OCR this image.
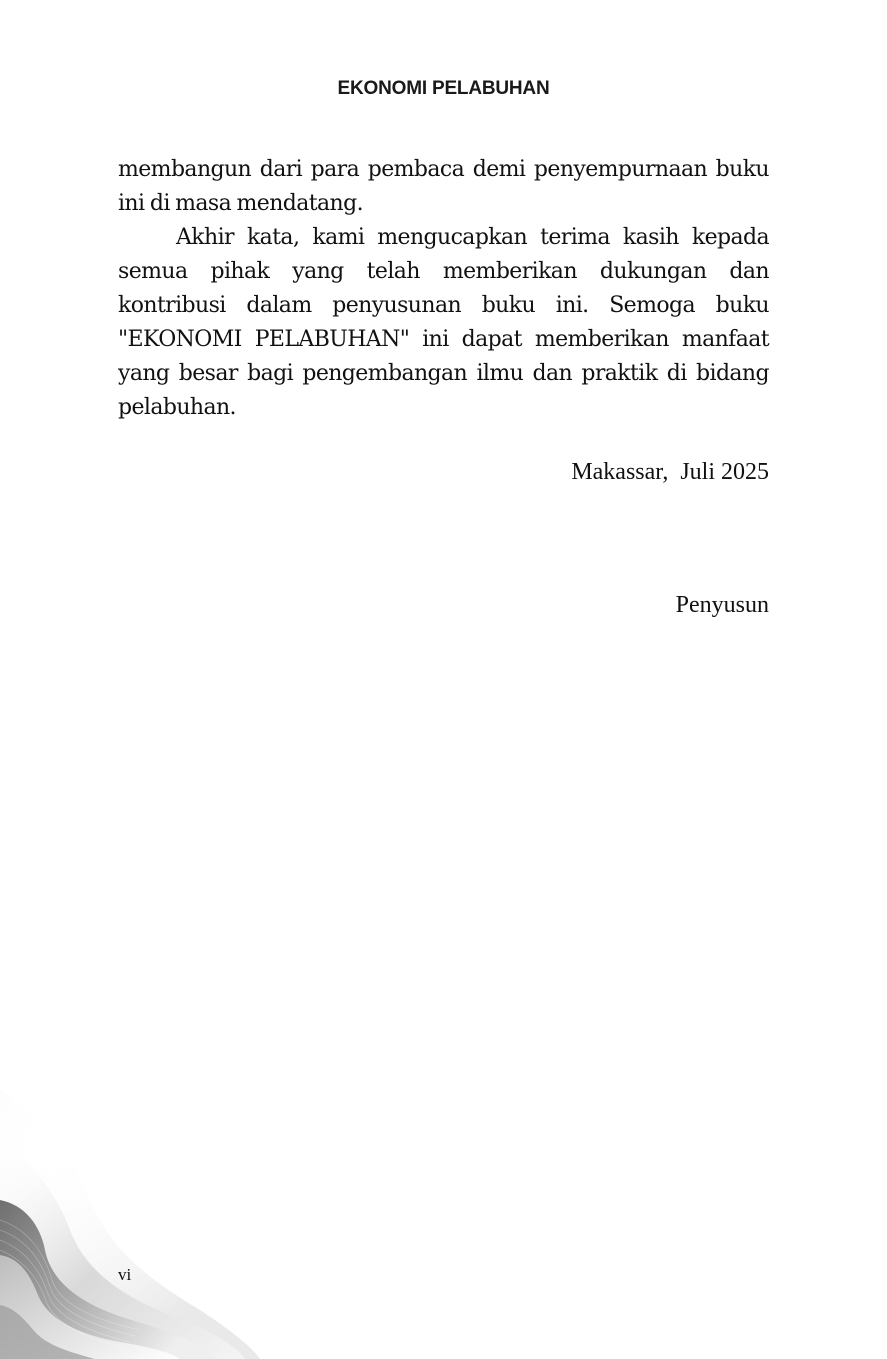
EKONOMI PELABUHAN

membangun dari para pembaca demi penyempurnaan buku ini di masa mendatang.

Akhir kata, kami mengucapkan terima kasih kepada semua pihak yang telah memberikan dukungan dan kontribusi dalam penyusunan buku ini. Semoga buku "EKONOMI PELABUHAN" ini dapat memberikan manfaat yang besar bagi pengembangan ilmu dan praktik di bidang pelabuhan.

Makassar,  Juli 2025
Penyusun
vi
